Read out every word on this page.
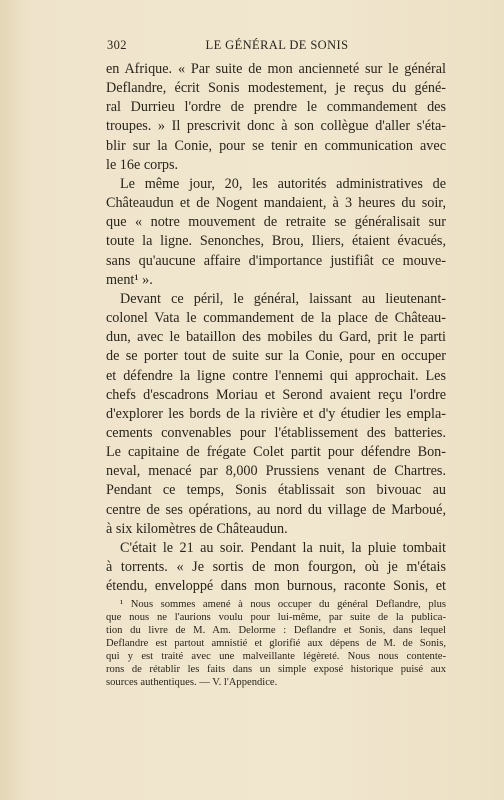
302	LE GÉNÉRAL DE SONIS

en Afrique. « Par suite de mon ancienneté sur le général
Deflandre, écrit Sonis modestement, je reçus du géné-
ral Durrieu l'ordre de prendre le commandement des
troupes. » Il prescrivit donc à son collègue d'aller s'éta-
blir sur la Conie, pour se tenir en communication avec
le 16e corps.

Le même jour, 20, les autorités administratives de
Châteaudun et de Nogent mandaient, à 3 heures du soir,
que « notre mouvement de retraite se généralisait sur
toute la ligne. Senonches, Brou, Iliers, étaient évacués,
sans qu'aucune affaire d'importance justifiât ce mouve-
ment¹ ».

Devant ce péril, le général, laissant au lieutenant-
colonel Vata le commandement de la place de Château-
dun, avec le bataillon des mobiles du Gard, prit le parti
de se porter tout de suite sur la Conie, pour en occuper
et défendre la ligne contre l'ennemi qui approchait. Les
chefs d'escadrons Moriau et Serond avaient reçu l'ordre
d'explorer les bords de la rivière et d'y étudier les empla-
cements convenables pour l'établissement des batteries.
Le capitaine de frégate Colet partit pour défendre Bon-
neval, menacé par 8,000 Prussiens venant de Chartres.
Pendant ce temps, Sonis établissait son bivouac au
centre de ses opérations, au nord du village de Marboué,
à six kilomètres de Châteaudun.

C'était le 21 au soir. Pendant la nuit, la pluie tombait
à torrents. « Je sortis de mon fourgon, où je m'étais
étendu, enveloppé dans mon burnous, raconte Sonis, et

¹ Nous sommes amené à nous occuper du général Deflandre, plus
que nous ne l'aurions voulu pour lui-même, par suite de la publica-
tion du livre de M. Am. Delorme : Deflandre et Sonis, dans lequel
Deflandre est partout amnistié et glorifié aux dépens de M. de Sonis,
qui y est traité avec une malveillante légèreté. Nous nous contente-
rons de rétablir les faits dans un simple exposé historique puisé aux
sources authentiques. — V. l'Appendice.
